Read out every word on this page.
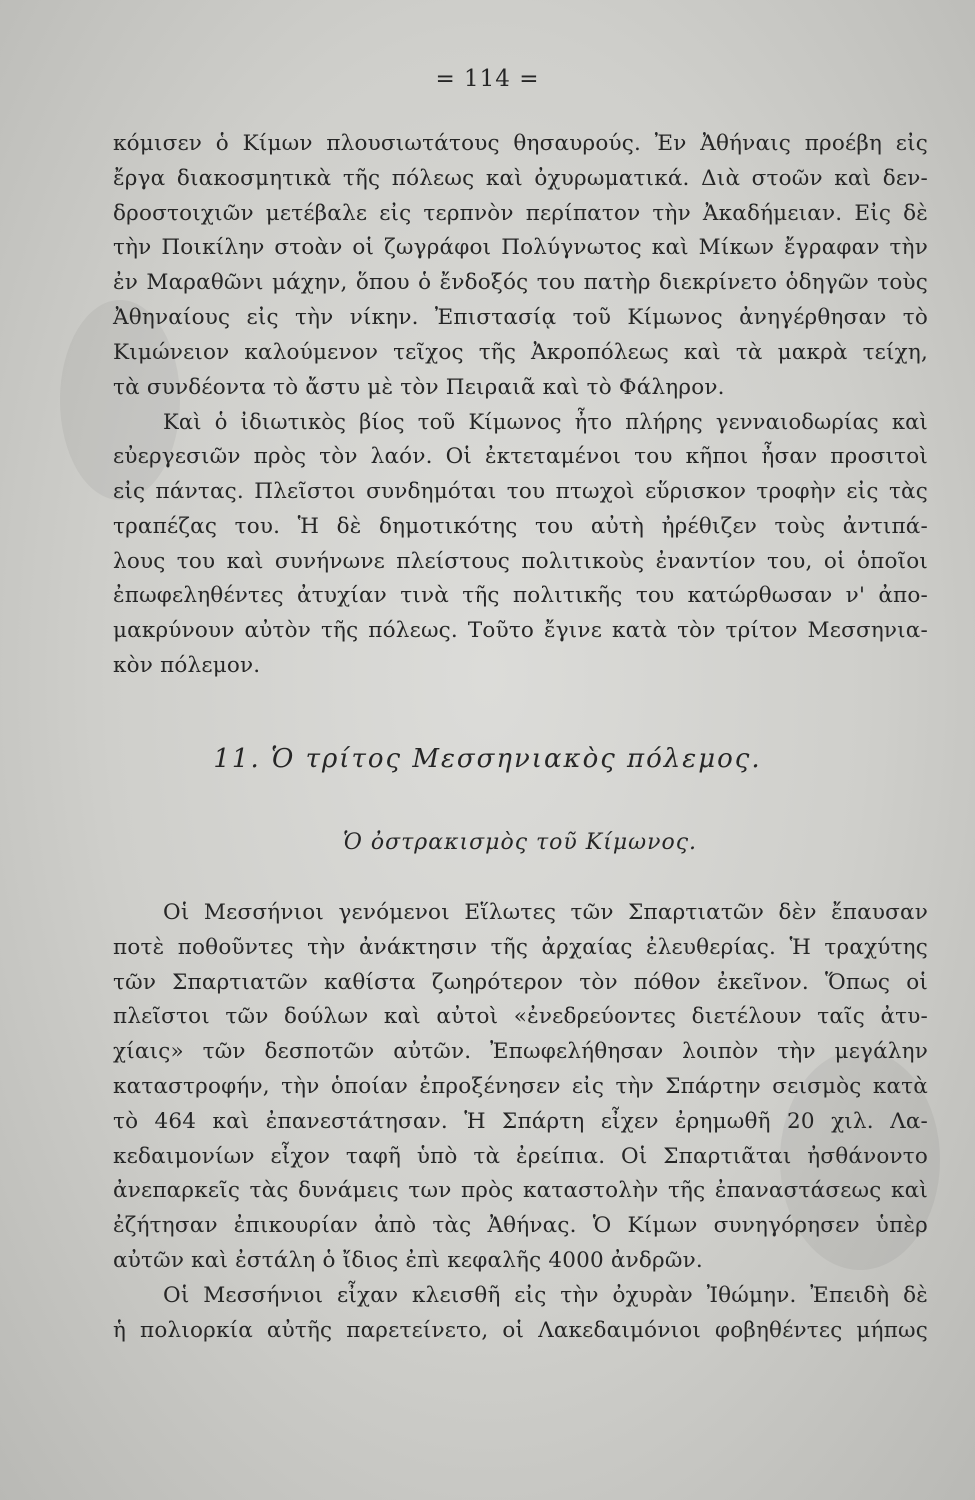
= 114 =
κόμισεν ὁ Κίμων πλουσιωτάτους θησαυρούς. Ἐν Ἀθήναις προέβη εἰς
ἔργα διακοσμητικὰ τῆς πόλεως καὶ ὀχυρωματικά. Διὰ στοῶν καὶ δεν-
δροστοιχιῶν μετέβαλε εἰς τερπνὸν περίπατον τὴν Ἀκαδήμειαν. Εἰς δὲ
τὴν Ποικίλην στοὰν οἱ ζωγράφοι Πολύγνωτος καὶ Μίκων ἔγραφαν τὴν
ἐν Μαραθῶνι μάχην, ὅπου ὁ ἔνδοξός του πατὴρ διεκρίνετο ὁδηγῶν τοὺς
Ἀθηναίους εἰς τὴν νίκην. Ἐπιστασίᾳ τοῦ Κίμωνος ἀνηγέρθησαν τὸ
Κιμώνειον καλούμενον τεῖχος τῆς Ἀκροπόλεως καὶ τὰ μακρὰ τείχη,
τὰ συνδέοντα τὸ ἄστυ μὲ τὸν Πειραιᾶ καὶ τὸ Φάληρον.
Καὶ ὁ ἰδιωτικὸς βίος τοῦ Κίμωνος ἦτο πλήρης γενναιοδωρίας καὶ
εὐεργεσιῶν πρὸς τὸν λαόν. Οἱ ἐκτεταμένοι του κῆποι ἦσαν προσιτοὶ
εἰς πάντας. Πλεῖστοι συνδημόται του πτωχοὶ εὕρισκον τροφὴν εἰς τὰς
τραπέζας του. Ἡ δὲ δημοτικότης του αὐτὴ ἠρέθιζεν τοὺς ἀντιπά-
λους του καὶ συνήνωνε πλείστους πολιτικοὺς ἐναντίον του, οἱ ὁποῖοι
ἐπωφεληθέντες ἀτυχίαν τινὰ τῆς πολιτικῆς του κατώρθωσαν ν' ἀπο-
μακρύνουν αὐτὸν τῆς πόλεως. Τοῦτο ἔγινε κατὰ τὸν τρίτον Μεσσηνια-
κὸν πόλεμον.
11. Ὁ τρίτος Μεσσηνιακὸς πόλεμος.
Ὁ ὀστρακισμὸς τοῦ Κίμωνος.
Οἱ Μεσσήνιοι γενόμενοι Εἵλωτες τῶν Σπαρτιατῶν δὲν ἔπαυσαν
ποτὲ ποθοῦντες τὴν ἀνάκτησιν τῆς ἀρχαίας ἐλευθερίας. Ἡ τραχύτης
τῶν Σπαρτιατῶν καθίστα ζωηρότερον τὸν πόθον ἐκεῖνον. Ὅπως οἱ
πλεῖστοι τῶν δούλων καὶ αὐτοὶ «ἐνεδρεύοντες διετέλουν ταῖς ἀτυ-
χίαις» τῶν δεσποτῶν αὐτῶν. Ἐπωφελήθησαν λοιπὸν τὴν μεγάλην
καταστροφήν, τὴν ὁποίαν ἐπροξένησεν εἰς τὴν Σπάρτην σεισμὸς κατὰ
τὸ 464 καὶ ἐπανεστάτησαν. Ἡ Σπάρτη εἶχεν ἐρημωθῆ 20 χιλ. Λα-
κεδαιμονίων εἶχον ταφῆ ὑπὸ τὰ ἐρείπια. Οἱ Σπαρτιᾶται ἠσθάνοντο
ἀνεπαρκεῖς τὰς δυνάμεις των πρὸς καταστολὴν τῆς ἐπαναστάσεως καὶ
ἐζήτησαν ἐπικουρίαν ἀπὸ τὰς Ἀθήνας. Ὁ Κίμων συνηγόρησεν ὑπὲρ
αὐτῶν καὶ ἐστάλη ὁ ἴδιος ἐπὶ κεφαλῆς 4000 ἀνδρῶν.
Οἱ Μεσσήνιοι εἶχαν κλεισθῆ εἰς τὴν ὀχυρὰν Ἰθώμην. Ἐπειδὴ δὲ
ἡ πολιορκία αὐτῆς παρετείνετο, οἱ Λακεδαιμόνιοι φοβηθέντες μήπως
